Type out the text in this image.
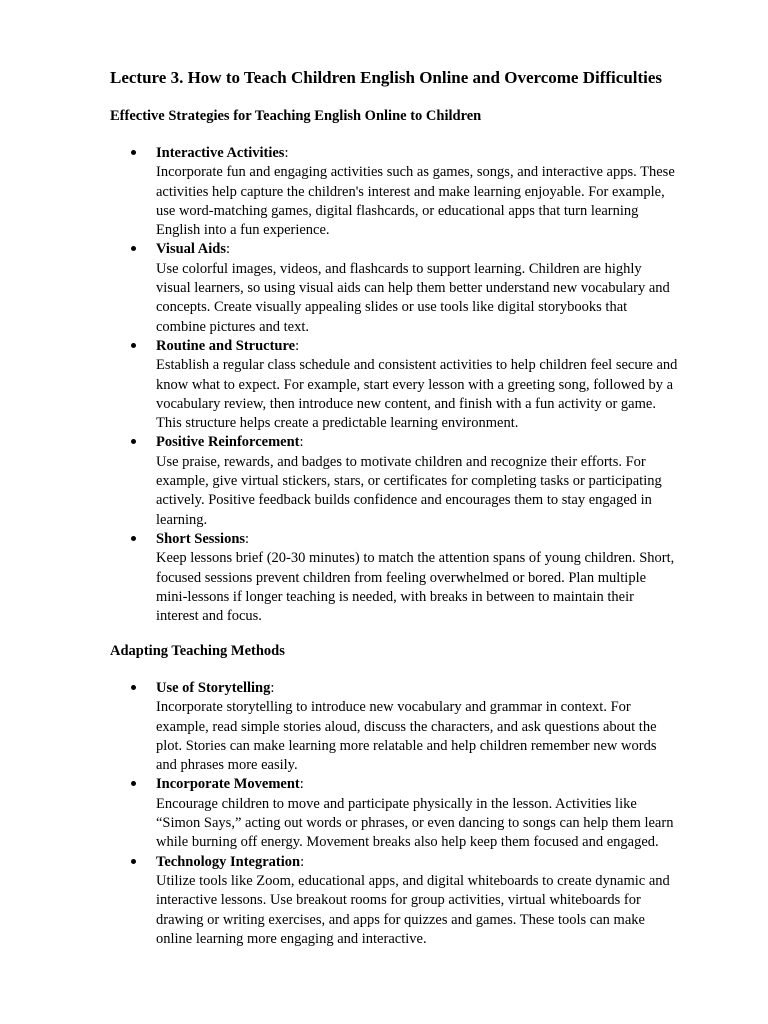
Lecture 3. How to Teach Children English Online and Overcome Difficulties
Effective Strategies for Teaching English Online to Children
Interactive Activities:
Incorporate fun and engaging activities such as games, songs, and interactive apps. These
activities help capture the children's interest and make learning enjoyable. For example,
use word-matching games, digital flashcards, or educational apps that turn learning
English into a fun experience.
Visual Aids:
Use colorful images, videos, and flashcards to support learning. Children are highly
visual learners, so using visual aids can help them better understand new vocabulary and
concepts. Create visually appealing slides or use tools like digital storybooks that
combine pictures and text.
Routine and Structure:
Establish a regular class schedule and consistent activities to help children feel secure and
know what to expect. For example, start every lesson with a greeting song, followed by a
vocabulary review, then introduce new content, and finish with a fun activity or game.
This structure helps create a predictable learning environment.
Positive Reinforcement:
Use praise, rewards, and badges to motivate children and recognize their efforts. For
example, give virtual stickers, stars, or certificates for completing tasks or participating
actively. Positive feedback builds confidence and encourages them to stay engaged in
learning.
Short Sessions:
Keep lessons brief (20-30 minutes) to match the attention spans of young children. Short,
focused sessions prevent children from feeling overwhelmed or bored. Plan multiple
mini-lessons if longer teaching is needed, with breaks in between to maintain their
interest and focus.
Adapting Teaching Methods
Use of Storytelling:
Incorporate storytelling to introduce new vocabulary and grammar in context. For
example, read simple stories aloud, discuss the characters, and ask questions about the
plot. Stories can make learning more relatable and help children remember new words
and phrases more easily.
Incorporate Movement:
Encourage children to move and participate physically in the lesson. Activities like
“Simon Says,” acting out words or phrases, or even dancing to songs can help them learn
while burning off energy. Movement breaks also help keep them focused and engaged.
Technology Integration:
Utilize tools like Zoom, educational apps, and digital whiteboards to create dynamic and
interactive lessons. Use breakout rooms for group activities, virtual whiteboards for
drawing or writing exercises, and apps for quizzes and games. These tools can make
online learning more engaging and interactive.
